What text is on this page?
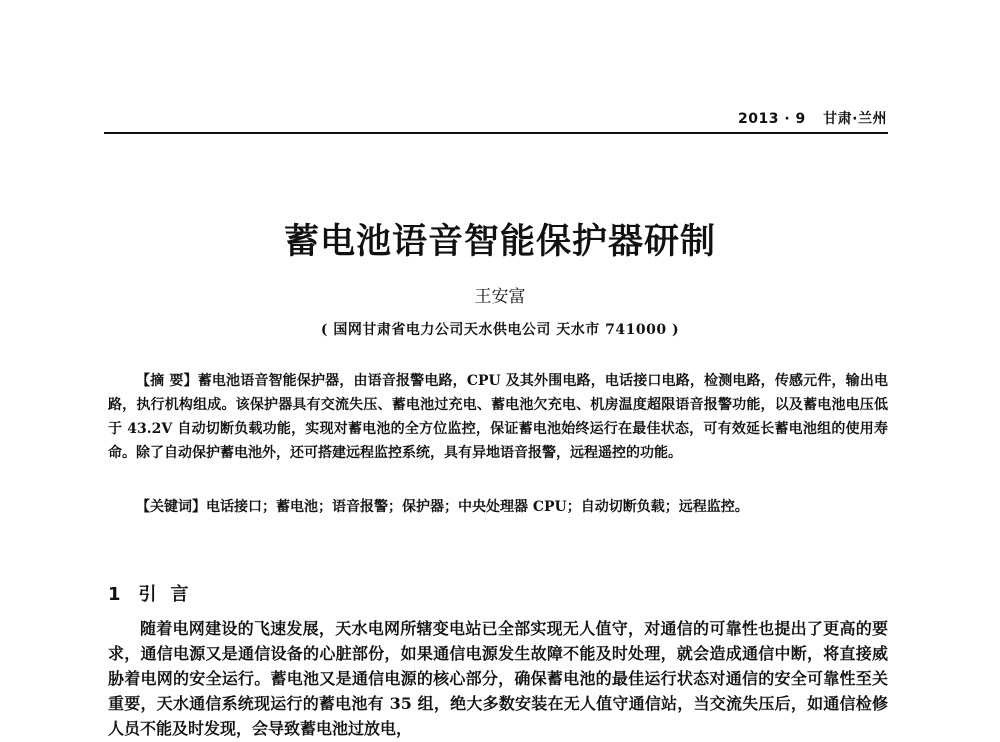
2013 · 9 甘肃·兰州
蓄电池语音智能保护器研制
王安富
( 国网甘肃省电力公司天水供电公司 天水市 741000 )

【摘 要】蓄电池语音智能保护器，由语音报警电路，CPU 及其外围电路，电话接口电路，检测电路，传感元件，输出电路，执行机构组成。该保护器具有交流失压、蓄电池过充电、蓄电池欠充电、机房温度超限语音报警功能，以及蓄电池电压低于 43.2V 自动切断负载功能，实现对蓄电池的全方位监控，保证蓄电池始终运行在最佳状态，可有效延长蓄电池组的使用寿命。除了自动保护蓄电池外，还可搭建远程监控系统，具有异地语音报警，远程遥控的功能。

【关键词】电话接口；蓄电池；语音报警；保护器；中央处理器 CPU；自动切断负载；远程监控。

1 引言

随着电网建设的飞速发展，天水电网所辖变电站已全部实现无人值守，对通信的可靠性也提出了更高的要求，通信电源又是通信设备的心脏部份，如果通信电源发生故障不能及时处理，就会造成通信中断，将直接威胁着电网的安全运行。蓄电池又是通信电源的核心部分，确保蓄电池的最佳运行状态对通信的安全可靠性至关重要，天水通信系统现运行的蓄电池有 35 组，绝大多数安装在无人值守通信站，当交流失压后，如通信检修人员不能及时发现，会导致蓄电池过放电，
